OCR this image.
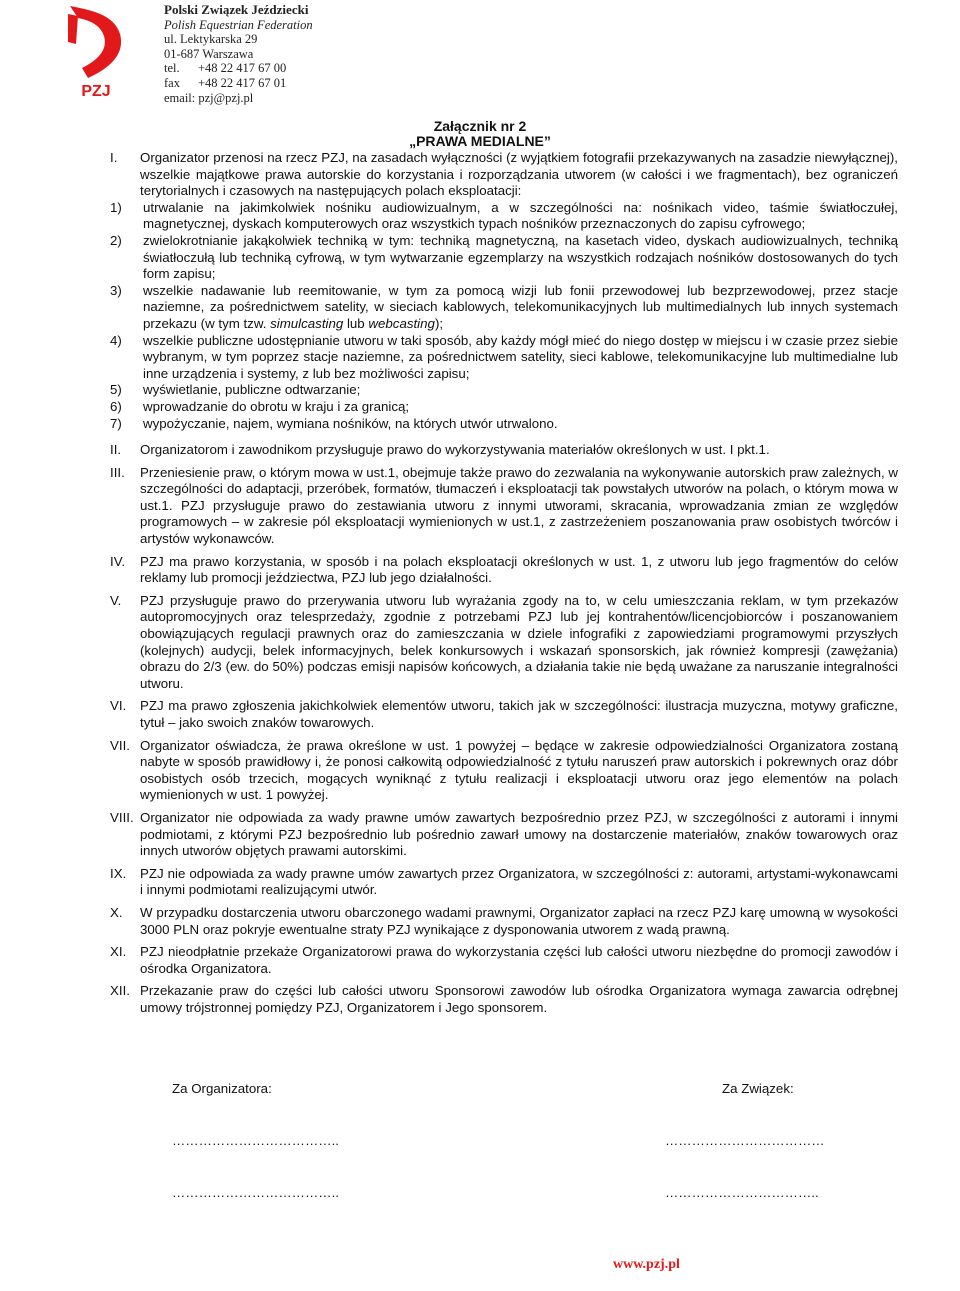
PZJ
Polski Związek Jeździecki
Polish Equestrian Federation
ul. Lektykarska 29
01-687 Warszawa
tel. +48 22 417 67 00
fax +48 22 417 67 01
email: pzj@pzj.pl
Załącznik nr 2
„PRAWA MEDIALNE”
I. Organizator przenosi na rzecz PZJ, na zasadach wyłączności (z wyjątkiem fotografii przekazywanych na zasadzie niewyłącznej), wszelkie majątkowe prawa autorskie do korzystania i rozporządzania utworem (w całości i we fragmentach), bez ograniczeń terytorialnych i czasowych na następujących polach eksploatacji:
1) utrwalanie na jakimkolwiek nośniku audiowizualnym, a w szczególności na: nośnikach video, taśmie światłoczułej, magnetycznej, dyskach komputerowych oraz wszystkich typach nośników przeznaczonych do zapisu cyfrowego;
2) zwielokrotnianie jakąkolwiek techniką w tym: techniką magnetyczną, na kasetach video, dyskach audiowizualnych, techniką światłoczułą lub techniką cyfrową, w tym wytwarzanie egzemplarzy na wszystkich rodzajach nośników dostosowanych do tych form zapisu;
3) wszelkie nadawanie lub reemitowanie, w tym za pomocą wizji lub fonii przewodowej lub bezprzewodowej, przez stacje naziemne, za pośrednictwem satelity, w sieciach kablowych, telekomunikacyjnych lub multimedialnych lub innych systemach przekazu (w tym tzw. simulcasting lub webcasting);
4) wszelkie publiczne udostępnianie utworu w taki sposób, aby każdy mógł mieć do niego dostęp w miejscu i w czasie przez siebie wybranym, w tym poprzez stacje naziemne, za pośrednictwem satelity, sieci kablowe, telekomunikacyjne lub multimedialne lub inne urządzenia i systemy, z lub bez możliwości zapisu;
5) wyświetlanie, publiczne odtwarzanie;
6) wprowadzanie do obrotu w kraju i za granicą;
7) wypożyczanie, najem, wymiana nośników, na których utwór utrwalono.
II. Organizatorom i zawodnikom przysługuje prawo do wykorzystywania materiałów określonych w ust. I pkt.1.
III. Przeniesienie praw, o którym mowa w ust.1, obejmuje także prawo do zezwalania na wykonywanie autorskich praw zależnych, w szczególności do adaptacji, przeróbek, formatów, tłumaczeń i eksploatacji tak powstałych utworów na polach, o którym mowa w ust.1. PZJ przysługuje prawo do zestawiania utworu z innymi utworami, skracania, wprowadzania zmian ze względów programowych – w zakresie pól eksploatacji wymienionych w ust.1, z zastrzeżeniem poszanowania praw osobistych twórców i artystów wykonawców.
IV. PZJ ma prawo korzystania, w sposób i na polach eksploatacji określonych w ust. 1, z utworu lub jego fragmentów do celów reklamy lub promocji jeździectwa, PZJ lub jego działalności.
V. PZJ przysługuje prawo do przerywania utworu lub wyrażania zgody na to, w celu umieszczania reklam, w tym przekazów autopromocyjnych oraz telesprzedaży, zgodnie z potrzebami PZJ lub jej kontrahentów/licencjobiorców i poszanowaniem obowiązujących regulacji prawnych oraz do zamieszczania w dziele infografiki z zapowiedziami programowymi przyszłych (kolejnych) audycji, belek informacyjnych, belek konkursowych i wskazań sponsorskich, jak również kompresji (zawężania) obrazu do 2/3 (ew. do 50%) podczas emisji napisów końcowych, a działania takie nie będą uważane za naruszanie integralności utworu.
VI. PZJ ma prawo zgłoszenia jakichkolwiek elementów utworu, takich jak w szczególności: ilustracja muzyczna, motywy graficzne, tytuł – jako swoich znaków towarowych.
VII. Organizator oświadcza, że prawa określone w ust. 1 powyżej – będące w zakresie odpowiedzialności Organizatora zostaną nabyte w sposób prawidłowy i, że ponosi całkowitą odpowiedzialność z tytułu naruszeń praw autorskich i pokrewnych oraz dóbr osobistych osób trzecich, mogących wyniknąć z tytułu realizacji i eksploatacji utworu oraz jego elementów na polach wymienionych w ust. 1 powyżej.
VIII. Organizator nie odpowiada za wady prawne umów zawartych bezpośrednio przez PZJ, w szczególności z autorami i innymi podmiotami, z którymi PZJ bezpośrednio lub pośrednio zawarł umowy na dostarczenie materiałów, znaków towarowych oraz innych utworów objętych prawami autorskimi.
IX. PZJ nie odpowiada za wady prawne umów zawartych przez Organizatora, w szczególności z: autorami, artystami-wykonawcami i innymi podmiotami realizującymi utwór.
X. W przypadku dostarczenia utworu obarczonego wadami prawnymi, Organizator zapłaci na rzecz PZJ karę umowną w wysokości 3000 PLN oraz pokryje ewentualne straty PZJ wynikające z dysponowania utworem z wadą prawną.
XI. PZJ nieodpłatnie przekaże Organizatorowi prawa do wykorzystania części lub całości utworu niezbędne do promocji zawodów i ośrodka Organizatora.
XII. Przekazanie praw do części lub całości utworu Sponsorowi zawodów lub ośrodka Organizatora wymaga zawarcia odrębnej umowy trójstronnej pomiędzy PZJ, Organizatorem i Jego sponsorem.
Za Organizatora:	Za Związek:
………………………………..	………………………………
………………………………..	……………………………..
www.pzj.pl
